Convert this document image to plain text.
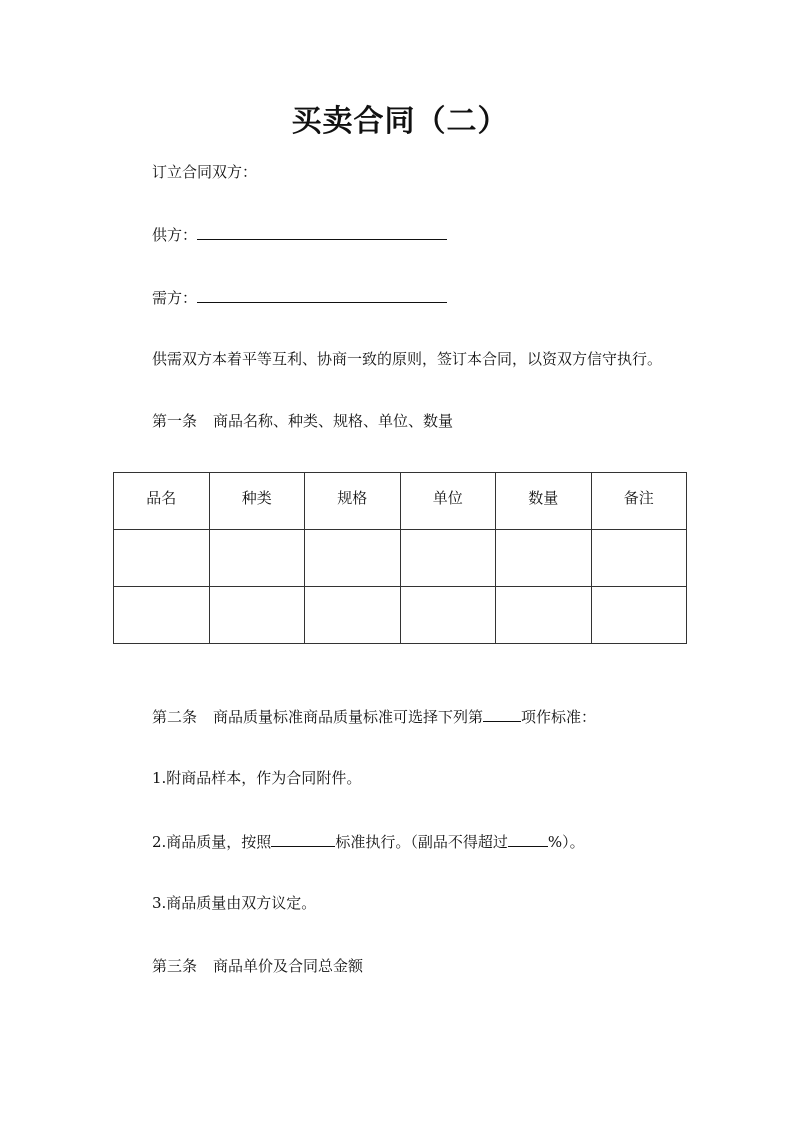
买卖合同（二）
订立合同双方：
供方：
需方：
供需双方本着平等互利、协商一致的原则，签订本合同，以资双方信守执行。
第一条 商品名称、种类、规格、单位、数量
品名	种类	规格	单位	数量	备注

第二条 商品质量标准商品质量标准可选择下列第	项作标准：
1.附商品样本，作为合同附件。
2.商品质量，按照	标准执行。（副品不得超过	%）。
3.商品质量由双方议定。
第三条 商品单价及合同总金额
